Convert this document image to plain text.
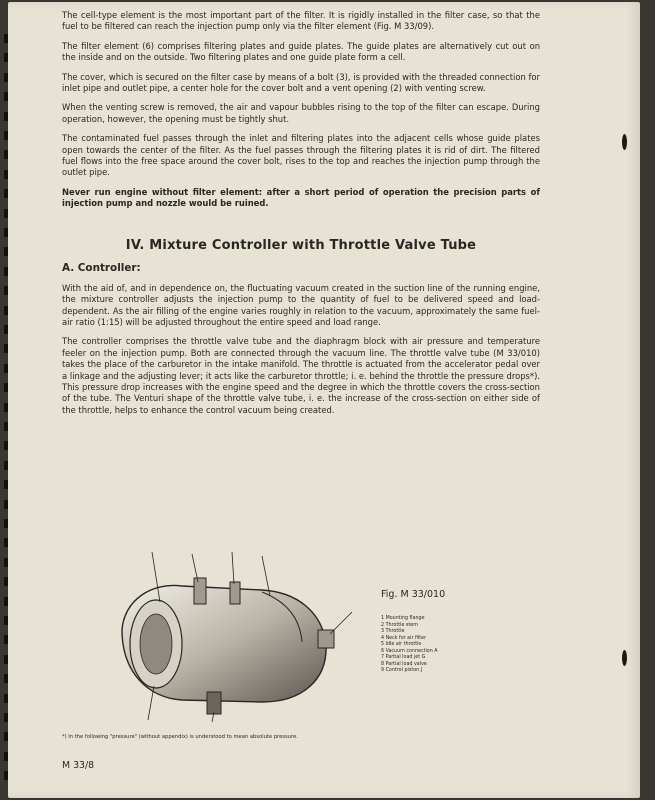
The cell-type element is the most important part of the filter. It is rigidly installed in the filter case, so that the fuel to be filtered can reach the injection pump only via the filter element (Fig. M 33/09).

The filter element (6) comprises filtering plates and guide plates. The guide plates are alternatively cut out on the inside and on the outside. Two filtering plates and one guide plate form a cell.

The cover, which is secured on the filter case by means of a bolt (3), is provided with the threaded connection for inlet pipe and outlet pipe, a center hole for the cover bolt and a vent opening (2) with venting screw.

When the venting screw is removed, the air and vapour bubbles rising to the top of the filter can escape. During operation, however, the opening must be tightly shut.

The contaminated fuel passes through the inlet and filtering plates into the adjacent cells whose guide plates open towards the center of the filter. As the fuel passes through the filtering plates it is rid of dirt. The filtered fuel flows into the free space around the cover bolt, rises to the top and reaches the injection pump through the outlet pipe.

Never run engine without filter element: after a short period of operation the precision parts of injection pump and nozzle would be ruined.

IV. Mixture Controller with Throttle Valve Tube
A. Controller:

With the aid of, and in dependence on, the fluctuating vacuum created in the suction line of the running engine, the mixture controller adjusts the injection pump to the quantity of fuel to be delivered speed and load-dependent. As the air filling of the engine varies roughly in relation to the vacuum, approximately the same fuel-air ratio (1:15) will be adjusted throughout the entire speed and load range.

The controller comprises the throttle valve tube and the diaphragm block with air pressure and temperature feeler on the injection pump. Both are connected through the vacuum line. The throttle valve tube (M 33/010) takes the place of the carburetor in the intake manifold. The throttle is actuated from the accelerator pedal over a linkage and the adjusting lever; it acts like the carburetor throttle; i. e. behind the throttle the pressure drops*). This pressure drop increases with the engine speed and the degree in which the throttle covers the cross-section of the tube. The Venturi shape of the throttle valve tube, i. e. the increase of the cross-section on either side of the throttle, helps to enhance the control vacuum being created.

Fig. M 33/010
1 Mounting flange
2 Throttle stem
3 Throttle
4 Neck for air filter
5 Idle air throttle
6 Vacuum connection A
7 Partial load jet G
8 Partial load valve
9 Control piston J
*) In the following "pressure" (without appendix) is understood to mean absolute pressure.
M 33/8
